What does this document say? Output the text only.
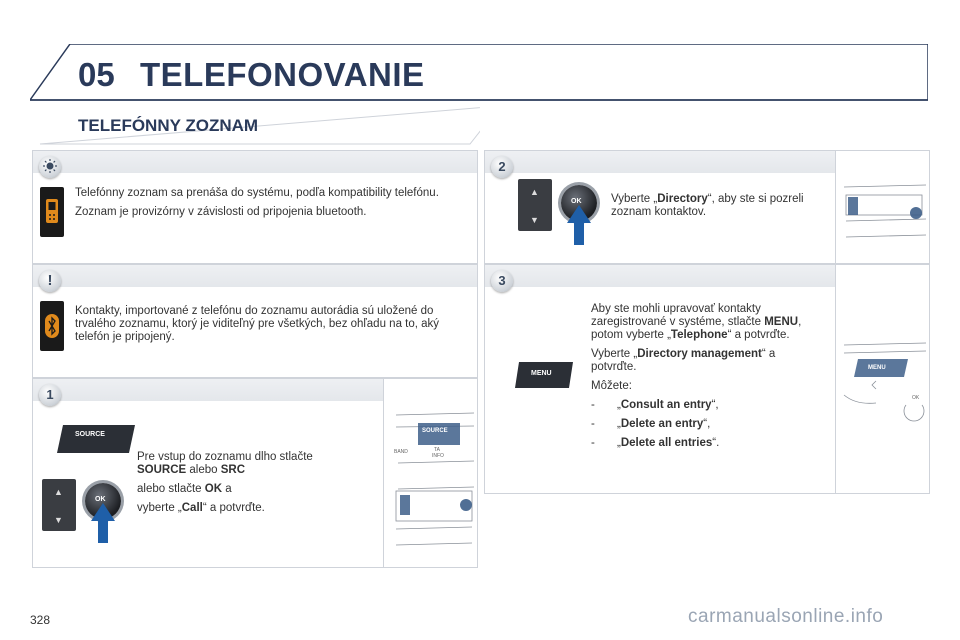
05 TELEFONOVANIE
TELEFÓNNY ZOZNAM

Telefónny zoznam sa prenáša do systému, podľa kompatibility telefónu.

Zoznam je provizórny v závislosti od pripojenia bluetooth.

!
Kontakty, importované z telefónu do zoznamu autorádia sú uložené do trvalého zoznamu, ktorý je viditeľný pre všetkých, bez ohľadu na to, aký telefón je pripojený.
1
SOURCE
▲
▼
OK

Pre vstup do zoznamu dlho stlačte SOURCE alebo SRC

alebo stlačte OK a

vyberte „Call“ a potvrďte.

SOURCE
BAND	TA
INFO
2
▲
▼
OK	Vyberte „Directory“, aby ste si pozreli zoznam kontaktov.
3
MENU

Aby ste mohli upravovať kontakty zaregistrované v systéme, stlačte MENU, potom vyberte „Telephone“ a potvrďte.

Vyberte „Directory management“ a potvrďte.

Môžete:

-	„Consult an entry“,
-	„Delete an entry“,
-	„Delete all entries“.
MENU
OK
328	carmanualsonline.info
